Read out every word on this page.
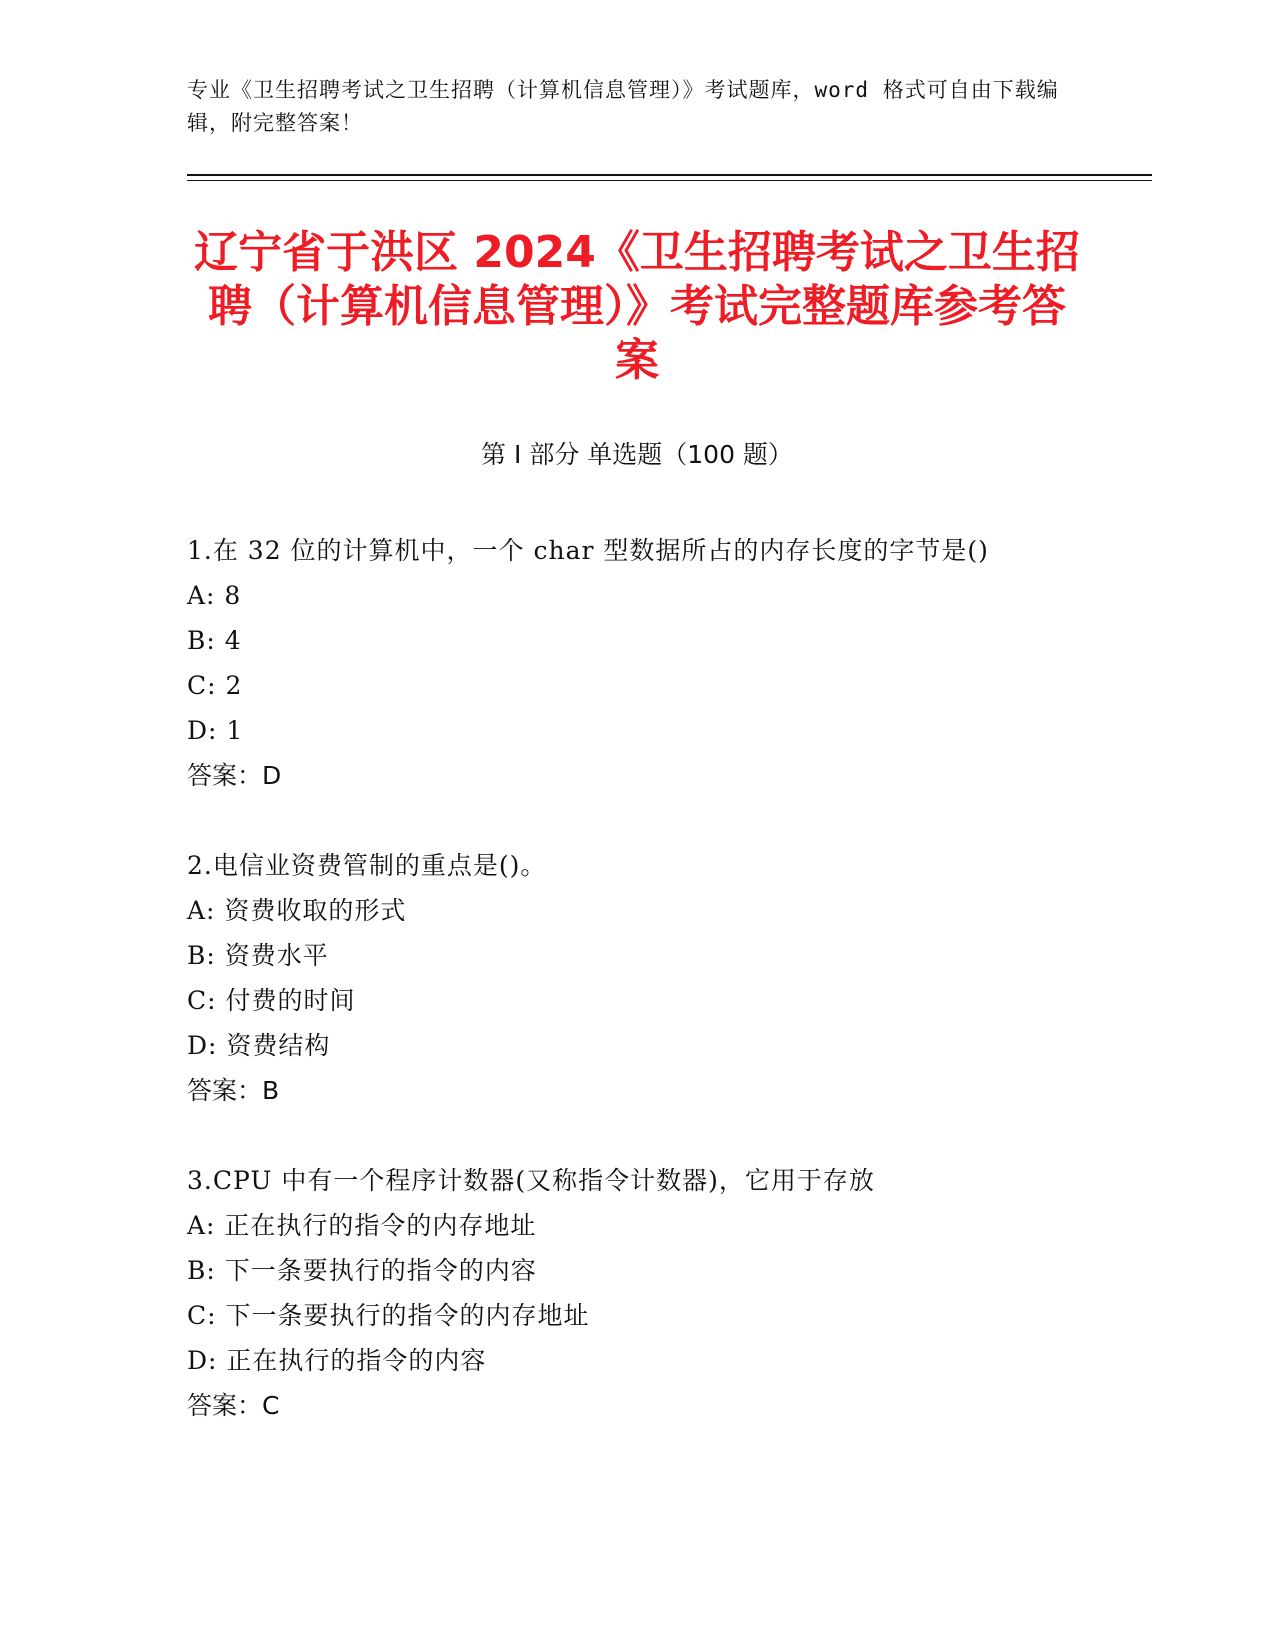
专业《卫生招聘考试之卫生招聘（计算机信息管理）》考试题库，word 格式可自由下载编辑，附完整答案！
辽宁省于洪区 2024《卫生招聘考试之卫生招聘（计算机信息管理）》考试完整题库参考答案
第 I 部分 单选题（100 题）
1.在 32 位的计算机中，一个 char 型数据所占的内存长度的字节是()
A: 8
B: 4
C: 2
D: 1
答案：D
2.电信业资费管制的重点是()。
A: 资费收取的形式
B: 资费水平
C: 付费的时间
D: 资费结构
答案：B
3.CPU 中有一个程序计数器(又称指令计数器)，它用于存放
A: 正在执行的指令的内存地址
B: 下一条要执行的指令的内容
C: 下一条要执行的指令的内存地址
D: 正在执行的指令的内容
答案：C
